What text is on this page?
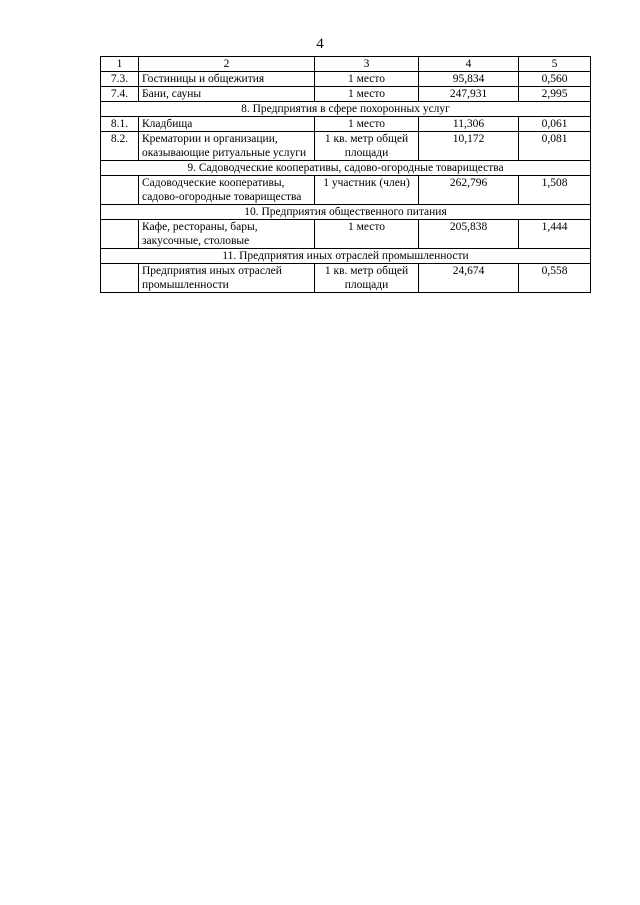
4
1	2	3	4	5
7.3.	Гостиницы и общежития	1 место	95,834	0,560
7.4.	Бани, сауны	1 место	247,931	2,995
8. Предприятия в сфере похоронных услуг				
8.1.	Кладбища	1 место	11,306	0,061
8.2.	Крематории и организации, оказывающие ритуальные услуги	1 кв. метр общей площади	10,172	0,081
9. Садоводческие кооперативы, садово-огородные товарищества				
	Садоводческие кооперативы, садово-огородные товарищества	1 участник (член)	262,796	1,508
10. Предприятия общественного питания				
	Кафе, рестораны, бары, закусочные, столовые	1 место	205,838	1,444
11. Предприятия иных отраслей промышленности				
	Предприятия иных отраслей промышленности	1 кв. метр общей площади	24,674	0,558
